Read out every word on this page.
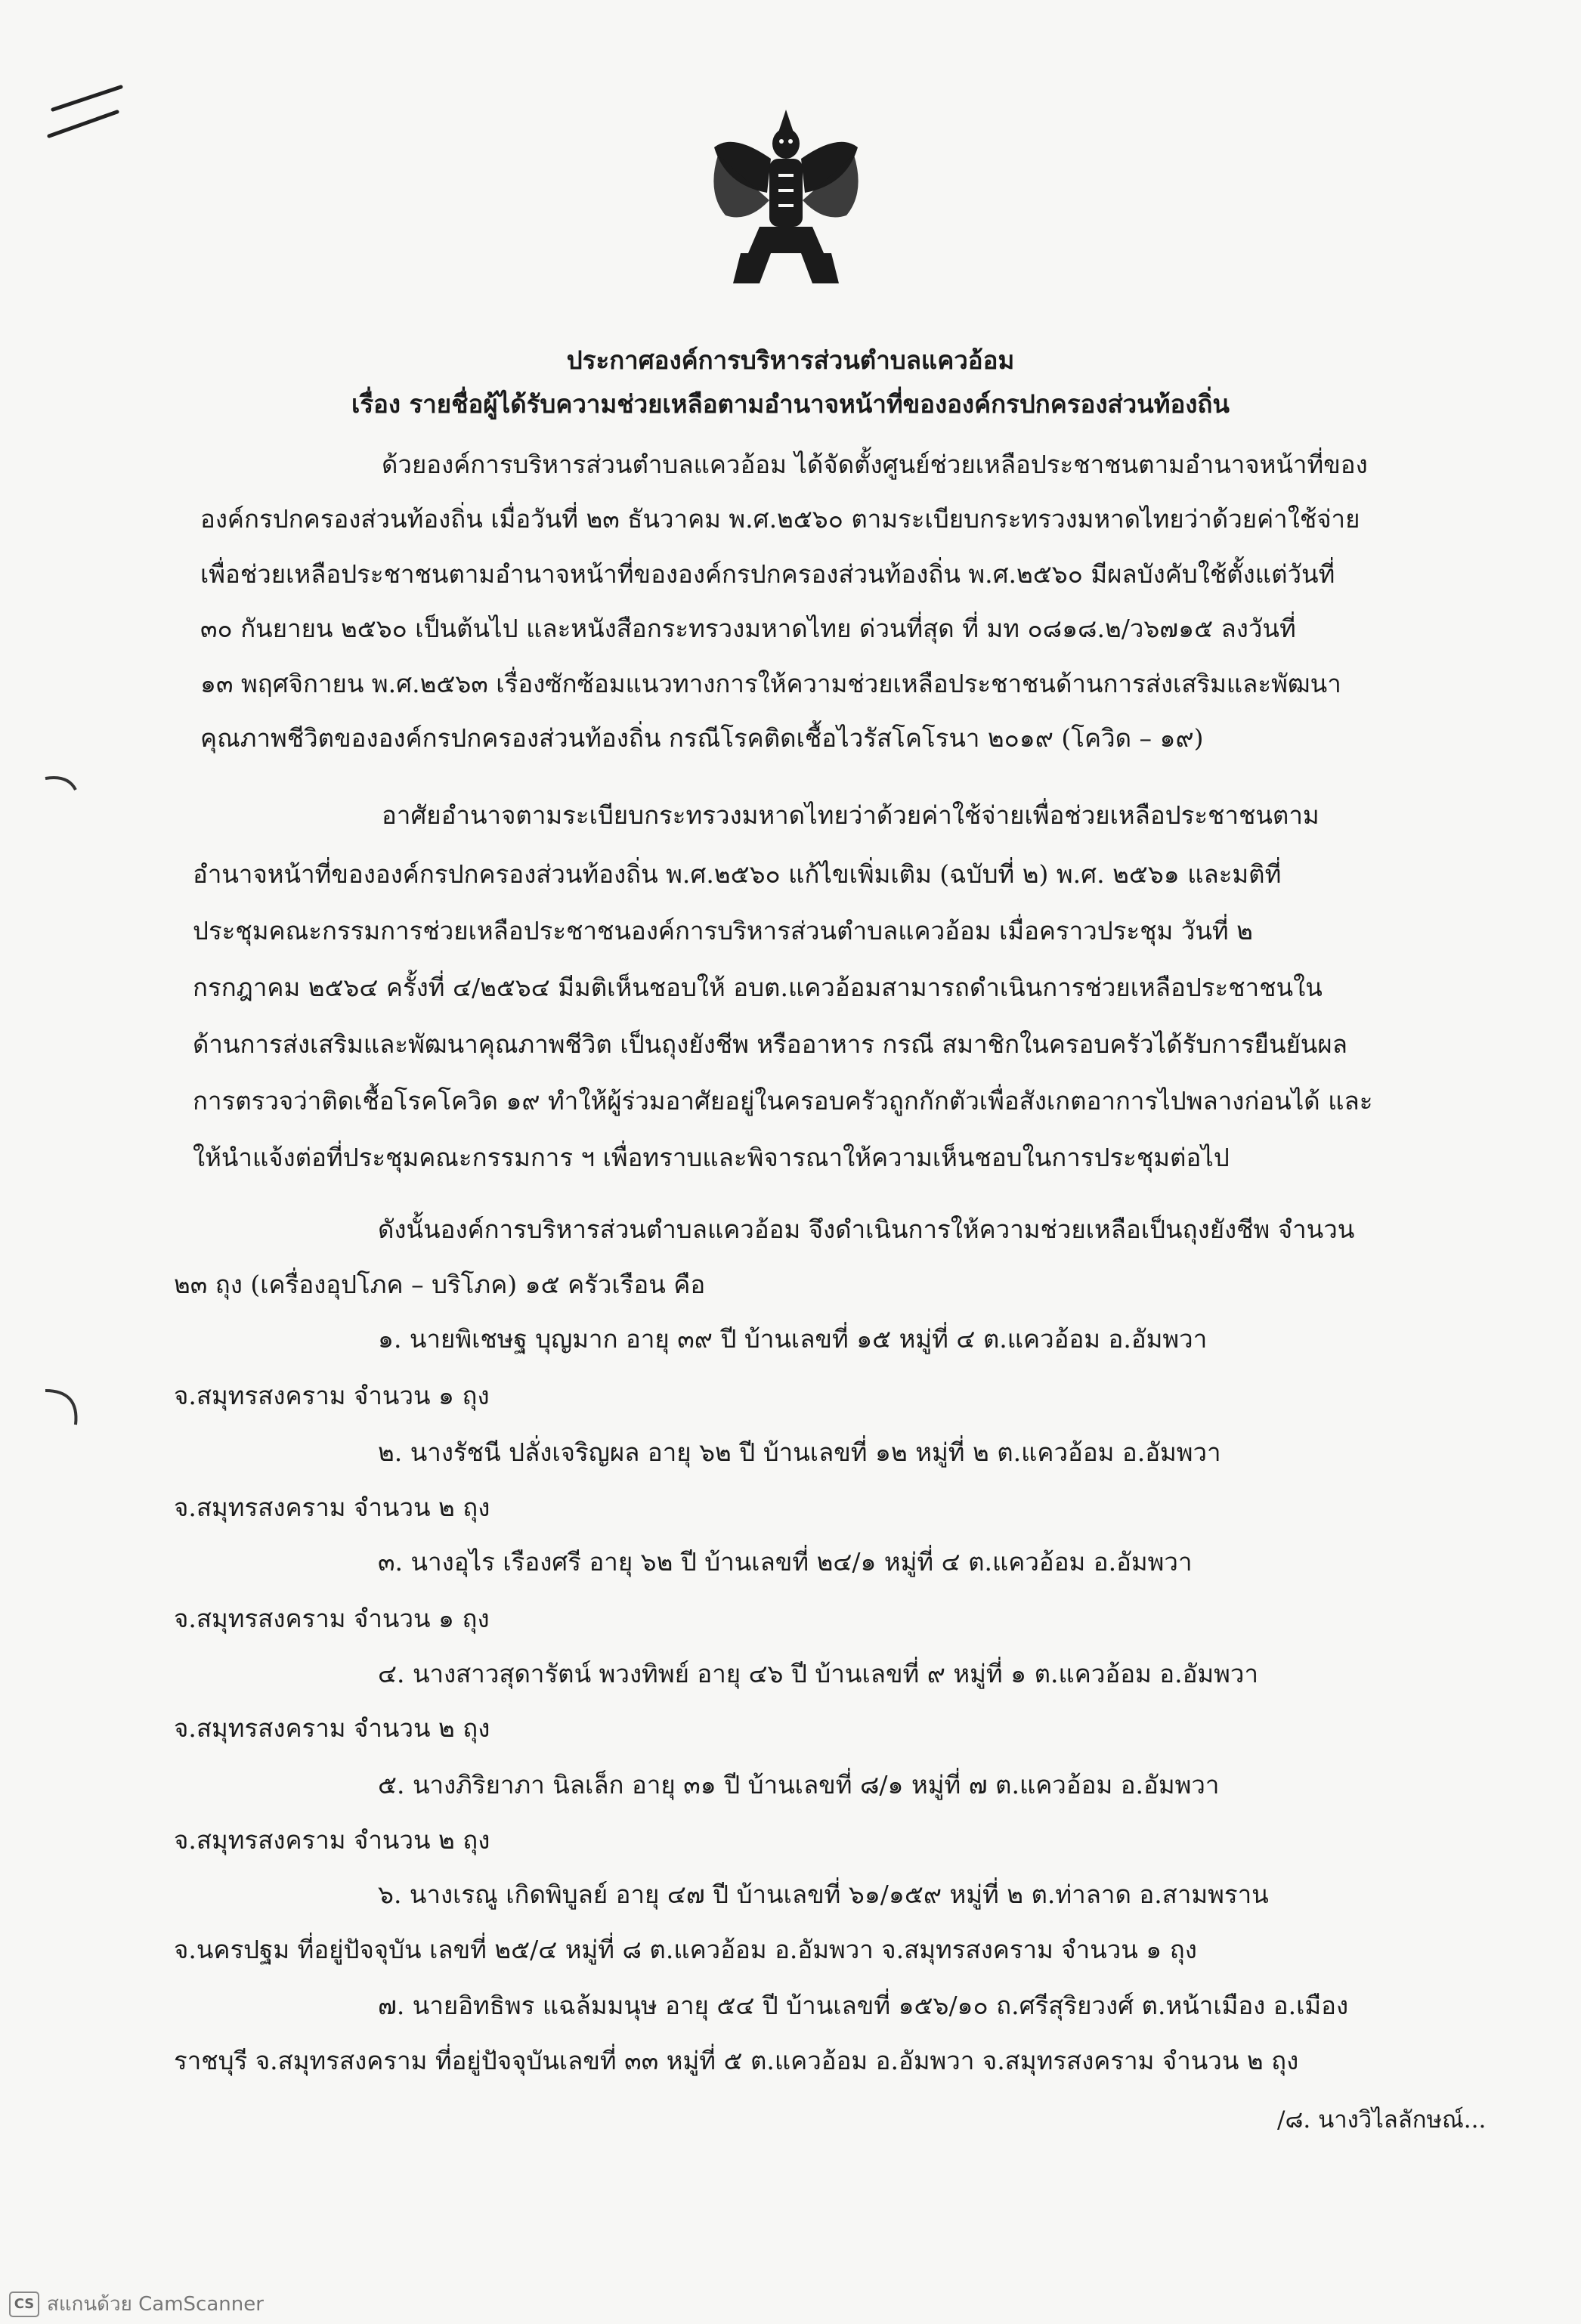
ประกาศองค์การบริหารส่วนตำบลแควอ้อม
เรื่อง รายชื่อผู้ได้รับความช่วยเหลือตามอำนาจหน้าที่ขององค์กรปกครองส่วนท้องถิ่น
ด้วยองค์การบริหารส่วนตำบลแควอ้อม ได้จัดตั้งศูนย์ช่วยเหลือประชาชนตามอำนาจหน้าที่ของ
องค์กรปกครองส่วนท้องถิ่น เมื่อวันที่ ๒๓ ธันวาคม พ.ศ.๒๕๖๐ ตามระเบียบกระทรวงมหาดไทยว่าด้วยค่าใช้จ่าย
เพื่อช่วยเหลือประชาชนตามอำนาจหน้าที่ขององค์กรปกครองส่วนท้องถิ่น พ.ศ.๒๕๖๐ มีผลบังคับใช้ตั้งแต่วันที่
๓๐ กันยายน ๒๕๖๐ เป็นต้นไป และหนังสือกระทรวงมหาดไทย ด่วนที่สุด ที่ มท ๐๘๑๘.๒/ว๖๗๑๕ ลงวันที่
๑๓ พฤศจิกายน พ.ศ.๒๕๖๓ เรื่องซักซ้อมแนวทางการให้ความช่วยเหลือประชาชนด้านการส่งเสริมและพัฒนา
คุณภาพชีวิตขององค์กรปกครองส่วนท้องถิ่น กรณีโรคติดเชื้อไวรัสโคโรนา ๒๐๑๙ (โควิด – ๑๙)
อาศัยอำนาจตามระเบียบกระทรวงมหาดไทยว่าด้วยค่าใช้จ่ายเพื่อช่วยเหลือประชาชนตาม
อำนาจหน้าที่ขององค์กรปกครองส่วนท้องถิ่น พ.ศ.๒๕๖๐ แก้ไขเพิ่มเติม (ฉบับที่ ๒) พ.ศ. ๒๕๖๑ และมติที่
ประชุมคณะกรรมการช่วยเหลือประชาชนองค์การบริหารส่วนตำบลแควอ้อม เมื่อคราวประชุม วันที่ ๒
กรกฎาคม ๒๕๖๔ ครั้งที่ ๔/๒๕๖๔ มีมติเห็นชอบให้ อบต.แควอ้อมสามารถดำเนินการช่วยเหลือประชาชนใน
ด้านการส่งเสริมและพัฒนาคุณภาพชีวิต เป็นถุงยังชีพ หรืออาหาร กรณี สมาชิกในครอบครัวได้รับการยืนยันผล
การตรวจว่าติดเชื้อโรคโควิด ๑๙ ทำให้ผู้ร่วมอาศัยอยู่ในครอบครัวถูกกักตัวเพื่อสังเกตอาการไปพลางก่อนได้ และ
ให้นำแจ้งต่อที่ประชุมคณะกรรมการ ฯ เพื่อทราบและพิจารณาให้ความเห็นชอบในการประชุมต่อไป
ดังนั้นองค์การบริหารส่วนตำบลแควอ้อม จึงดำเนินการให้ความช่วยเหลือเป็นถุงยังชีพ จำนวน
๒๓ ถุง (เครื่องอุปโภค – บริโภค) ๑๕ ครัวเรือน คือ
๑. นายพิเชษฐ บุญมาก อายุ ๓๙ ปี บ้านเลขที่ ๑๕ หมู่ที่ ๔ ต.แควอ้อม อ.อัมพวา
จ.สมุทรสงคราม จำนวน ๑ ถุง
๒. นางรัชนี ปลั่งเจริญผล อายุ ๖๒ ปี บ้านเลขที่ ๑๒ หมู่ที่ ๒ ต.แควอ้อม อ.อัมพวา
จ.สมุทรสงคราม จำนวน ๒ ถุง
๓. นางอุไร เรืองศรี อายุ ๖๒ ปี บ้านเลขที่ ๒๔/๑ หมู่ที่ ๔ ต.แควอ้อม อ.อัมพวา
จ.สมุทรสงคราม จำนวน ๑ ถุง
๔. นางสาวสุดารัตน์ พวงทิพย์ อายุ ๔๖ ปี บ้านเลขที่ ๙ หมู่ที่ ๑ ต.แควอ้อม อ.อัมพวา
จ.สมุทรสงคราม จำนวน ๒ ถุง
๕. นางภิริยาภา นิลเล็ก อายุ ๓๑ ปี บ้านเลขที่ ๘/๑ หมู่ที่ ๗ ต.แควอ้อม อ.อัมพวา
จ.สมุทรสงคราม จำนวน ๒ ถุง
๖. นางเรณู เกิดพิบูลย์ อายุ ๔๗ ปี บ้านเลขที่ ๖๑/๑๕๙ หมู่ที่ ๒ ต.ท่าลาด อ.สามพราน
จ.นครปฐม ที่อยู่ปัจจุบัน เลขที่ ๒๕/๔ หมู่ที่ ๘ ต.แควอ้อม อ.อัมพวา จ.สมุทรสงคราม จำนวน ๑ ถุง
๗. นายอิทธิพร แฉล้มมนุษ อายุ ๕๔ ปี บ้านเลขที่ ๑๕๖/๑๐ ถ.ศรีสุริยวงศ์ ต.หน้าเมือง อ.เมือง
ราชบุรี จ.สมุทรสงคราม ที่อยู่ปัจจุบันเลขที่ ๓๓ หมู่ที่ ๕ ต.แควอ้อม อ.อัมพวา จ.สมุทรสงคราม จำนวน ๒ ถุง
/๘. นางวิไลลักษณ์...
CS สแกนด้วย CamScanner
